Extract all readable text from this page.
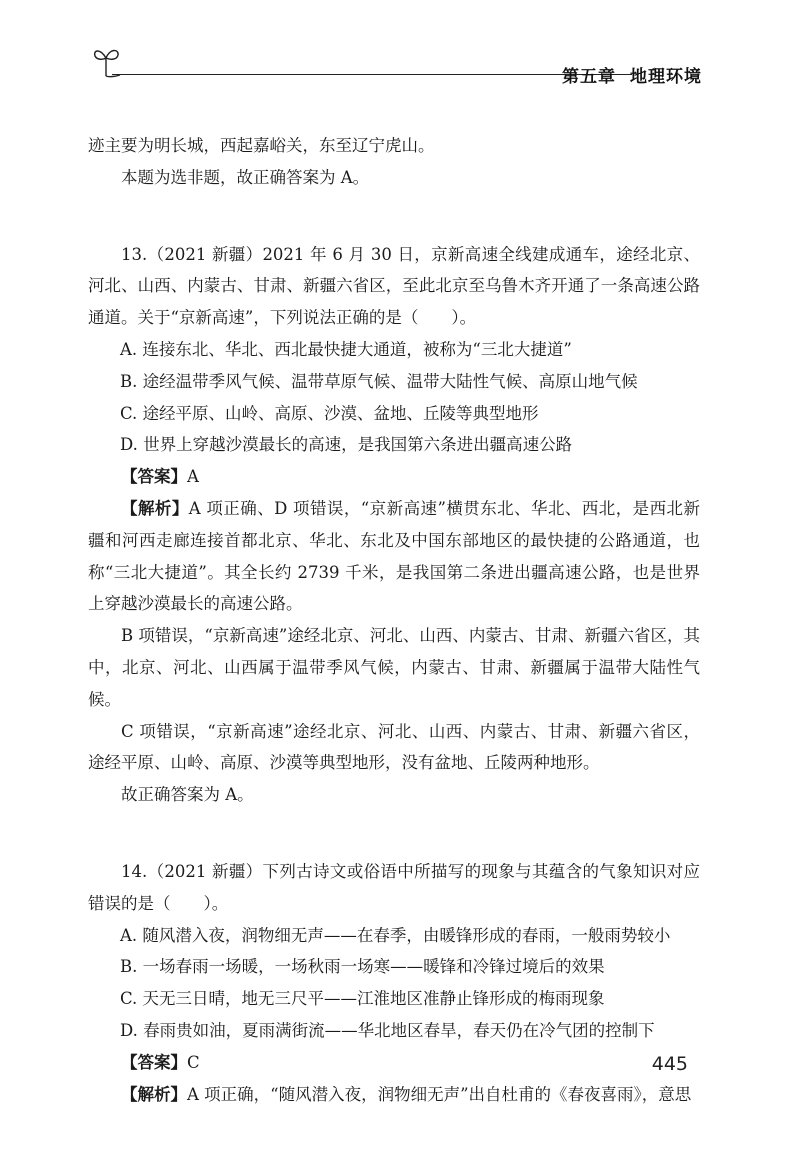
第五章 地理环境

迹主要为明长城，西起嘉峪关，东至辽宁虎山。

本题为选非题，故正确答案为 A。

13.（2021 新疆）2021 年 6 月 30 日，京新高速全线建成通车，途经北京、河北、山西、内蒙古、甘肃、新疆六省区，至此北京至乌鲁木齐开通了一条高速公路通道。关于“京新高速”，下列说法正确的是（　　）。

A. 连接东北、华北、西北最快捷大通道，被称为“三北大捷道”

B. 途经温带季风气候、温带草原气候、温带大陆性气候、高原山地气候

C. 途经平原、山岭、高原、沙漠、盆地、丘陵等典型地形

D. 世界上穿越沙漠最长的高速，是我国第六条进出疆高速公路

【答案】A

【解析】A 项正确、D 项错误，“京新高速”横贯东北、华北、西北，是西北新疆和河西走廊连接首都北京、华北、东北及中国东部地区的最快捷的公路通道，也称“三北大捷道”。其全长约 2739 千米，是我国第二条进出疆高速公路，也是世界上穿越沙漠最长的高速公路。

B 项错误，“京新高速”途经北京、河北、山西、内蒙古、甘肃、新疆六省区，其中，北京、河北、山西属于温带季风气候，内蒙古、甘肃、新疆属于温带大陆性气候。

C 项错误，“京新高速”途经北京、河北、山西、内蒙古、甘肃、新疆六省区，途经平原、山岭、高原、沙漠等典型地形，没有盆地、丘陵两种地形。

故正确答案为 A。

14.（2021 新疆）下列古诗文或俗语中所描写的现象与其蕴含的气象知识对应错误的是（　　）。

A. 随风潜入夜，润物细无声——在春季，由暖锋形成的春雨，一般雨势较小

B. 一场春雨一场暖，一场秋雨一场寒——暖锋和冷锋过境后的效果

C. 天无三日晴，地无三尺平——江淮地区准静止锋形成的梅雨现象

D. 春雨贵如油，夏雨满街流——华北地区春旱，春天仍在冷气团的控制下

【答案】C

【解析】A 项正确，“随风潜入夜，润物细无声”出自杜甫的《春夜喜雨》，意思

445
